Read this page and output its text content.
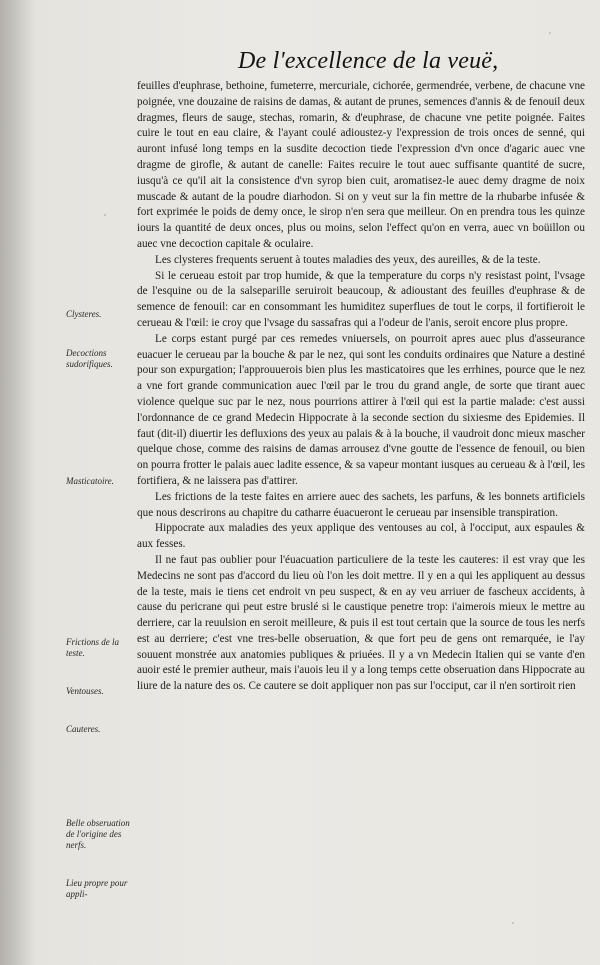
De l'excellence de la veuë,
Clysteres.
Decoctions sudorifiques.
Masticatoire.
Frictions de la teste.
Ventouses.
Cauteres.
Belle obseruation de l'origine des nerfs.
Lieu propre pour appli-

feuilles d'euphrase, bethoine, fumeterre, mercuriale, cichorée, germendrée, verbene, de chacune vne poignée, vne douzaine de raisins de damas, & autant de prunes, semences d'annis & de fenouil deux dragmes, fleurs de sauge, stechas, romarin, & d'euphrase, de chacune vne petite poignée. Faites cuire le tout en eau claire, & l'ayant coulé adioustez-y l'expression de trois onces de senné, qui auront infusé long temps en la susdite decoction tiede l'expression d'vn once d'agaric auec vne dragme de girofle, & autant de canelle: Faites recuire le tout auec suffisante quantité de sucre, iusqu'à ce qu'il ait la consistence d'vn syrop bien cuit, aromatisez-le auec demy dragme de noix muscade & autant de la poudre diarhodon. Si on y veut sur la fin mettre de la rhubarbe infusée & fort exprimée le poids de demy once, le sirop n'en sera que meilleur. On en prendra tous les quinze iours la quantité de deux onces, plus ou moins, selon l'effect qu'on en verra, auec vn boüillon ou auec vne decoction capitale & oculaire.

Les clysteres frequents seruent à toutes maladies des yeux, des aureilles, & de la teste.

Si le cerueau estoit par trop humide, & que la temperature du corps n'y resistast point, l'vsage de l'esquine ou de la salseparille seruiroit beaucoup, & adioustant des feuilles d'euphrase & de semence de fenouil: car en consommant les humiditez superflues de tout le corps, il fortifieroit le cerueau & l'œil: ie croy que l'vsage du sassafras qui a l'odeur de l'anis, seroit encore plus propre.

Le corps estant purgé par ces remedes vniuersels, on pourroit apres auec plus d'asseurance euacuer le cerueau par la bouche & par le nez, qui sont les conduits ordinaires que Nature a destiné pour son expurgation; l'approuuerois bien plus les masticatoires que les errhines, pource que le nez a vne fort grande communication auec l'œil par le trou du grand angle, de sorte que tirant auec violence quelque suc par le nez, nous pourrions attirer à l'œil qui est la partie malade: c'est aussi l'ordonnance de ce grand Medecin Hippocrate à la seconde section du sixiesme des Epidemies. Il faut (dit-il) diuertir les defluxions des yeux au palais & à la bouche, il vaudroit donc mieux mascher quelque chose, comme des raisins de damas arrousez d'vne goutte de l'essence de fenouil, ou bien on pourra frotter le palais auec ladite essence, & sa vapeur montant iusques au cerueau & à l'œil, les fortifiera, & ne laissera pas d'attirer.

Les frictions de la teste faites en arriere auec des sachets, les parfuns, & les bonnets artificiels que nous descrirons au chapitre du catharre éuacueront le cerueau par insensible transpiration.

Hippocrate aux maladies des yeux applique des ventouses au col, à l'occiput, aux espaules & aux fesses.

Il ne faut pas oublier pour l'éuacuation particuliere de la teste les cauteres: il est vray que les Medecins ne sont pas d'accord du lieu où l'on les doit mettre. Il y en a qui les appliquent au dessus de la teste, mais ie tiens cet endroit vn peu suspect, & en ay veu arriuer de fascheux accidents, à cause du pericrane qui peut estre bruslé si le caustique penetre trop: i'aimerois mieux le mettre au derriere, car la reuulsion en seroit meilleure, & puis il est tout certain que la source de tous les nerfs est au derriere; c'est vne tres-belle obseruation, & que fort peu de gens ont remarquée, ie l'ay souuent monstrée aux anatomies publiques & priuées. Il y a vn Medecin Italien qui se vante d'en auoir esté le premier autheur, mais i'auois leu il y a long temps cette obseruation dans Hippocrate au liure de la nature des os. Ce cautere se doit appliquer non pas sur l'occiput, car il n'en sortiroit rien
